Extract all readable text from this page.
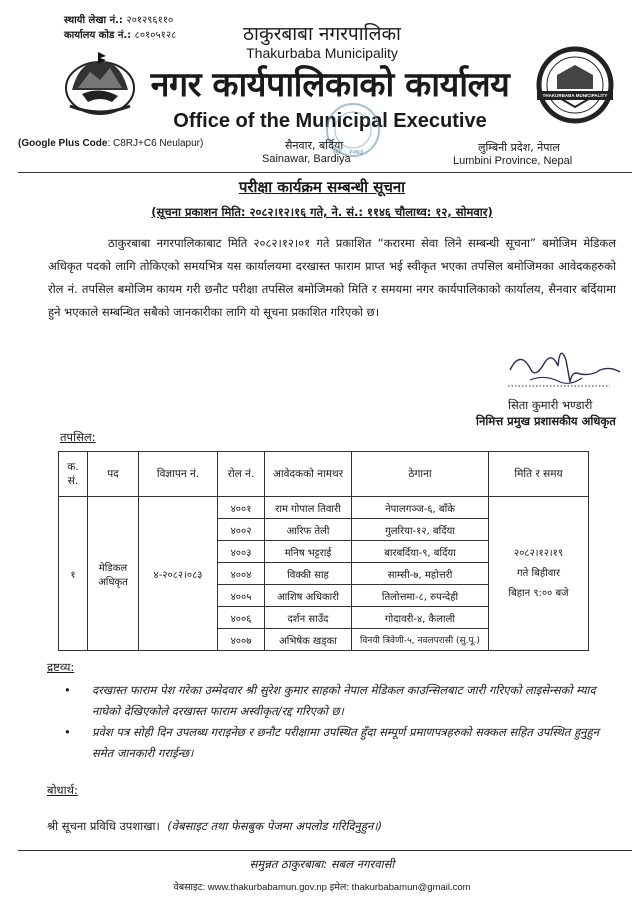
स्थायी लेखा नं.: २०१२९६११०
कार्यालय कोड नं.: ८०१०५१२८	ठाकुरबाबा नगरपालिका
Thakurbaba Municipality
नगर कार्यपालिकाको कार्यालय
Office of the Municipal Executive
THAKURBABA MUNICIPALITY
(Google Plus Code: C8RJ+C6 Neulapur)
स्था : २०७३
सैनवार, बर्दिया
Sainawar, Bardiya
लुम्बिनी प्रदेश, नेपाल
Lumbini Province, Nepal
परीक्षा कार्यक्रम सम्बन्धी सूचना
(सूचना प्रकाशन मिति: २०८२।१२।१६ गते, ने. सं.: ११४६ चौलाथ्व: १२, सोमवार)
ठाकुरबाबा नगरपालिकाबाट मिति २०८२।१२।०१ गते प्रकाशित “करारमा सेवा लिने सम्बन्धी सूचना” बमोजिम मेडिकल अधिकृत पदको लागि तोकिएको समयभित्र यस कार्यालयमा दरखास्त फाराम प्राप्त भई स्वीकृत भएका तपसिल बमोजिमका आवेदकहरुको रोल नं. तपसिल बमोजिम कायम गरी छनौट परीक्षा तपसिल बमोजिमको मिति र समयमा नगर कार्यपालिकाको कार्यालय, सैनवार बर्दियामा हुने भएकाले सम्बन्धित सबैको जानकारीका लागि यो सूचना प्रकाशित गरिएको छ।
सिता कुमारी भण्डारी
निमित्त प्रमुख प्रशासकीय अधिकृत
तपसिल:
क. सं.	पद	विज्ञापन नं.	रोल नं.	आवेदकको नामथर	ठेगाना	मिति र समय
१	मेडिकल अधिकृत	४-२०८२।०८३	४००१	राम गोपाल तिवारी	नेपालगञ्ज-६, बाँके	२०८२।१२।१९
गते बिहीवार
बिहान ९:०० बजे

			४००२	आरिफ तेली	गुलरिया-१२, बर्दिया	
			४००३	मनिष भट्टराई	बारबर्दिया-९, बर्दिया	
			४००४	विक्की साह	साम्सी-७, महोत्तरी	
			४००५	आशिष अधिकारी	तिलोत्तमा-८, रुपन्देही	
			४००६	दर्शन साउँद	गोदावरी-४, कैलाली	
			४००७	अभिषेक खड्का	विनयी त्रिवेणी-५, नवलपरासी (सु.पू.)	
द्रष्टव्य:
• दरखास्त फाराम पेश गरेका उम्मेदवार श्री सुरेश कुमार साहको नेपाल मेडिकल काउन्सिलबाट जारी गरिएको लाइसेन्सको म्याद नाघेको देखिएकोले दरखास्त फाराम अस्वीकृत/रद्द गरिएको छ।
• प्रवेश पत्र सोही दिन उपलब्ध गराइनेछ र छनौट परीक्षामा उपस्थित हुँदा सम्पूर्ण प्रमाणपत्रहरुको सक्कल सहित उपस्थित हुनुहुन समेत जानकारी गराईन्छ।
बोधार्थ:
श्री सूचना प्रविधि उपशाखा। (वेबसाइट तथा फेसबुक पेजमा अपलोड गरिदिनुहुन।)
समुन्नत ठाकुरबाबा: सबल नगरवासी
वेबसाइट: www.thakurbabamun.gov.np इमेल: thakurbabamun@gmail.com
